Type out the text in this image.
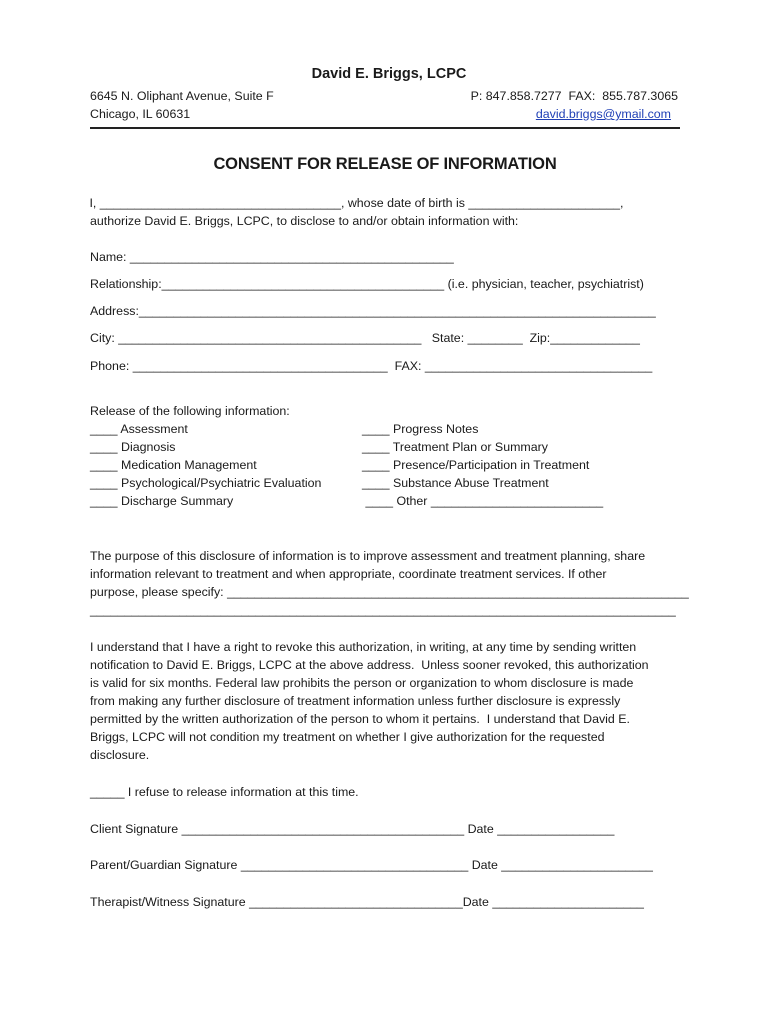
David E. Briggs, LCPC
6645 N. Oliphant Avenue, Suite F
Chicago, IL 60631
P: 847.858.7277  FAX:  855.787.3065
david.briggs@ymail.com
CONSENT FOR RELEASE OF INFORMATION
I, ___________________________________, whose date of birth is ______________________,
authorize David E. Briggs, LCPC, to disclose to and/or obtain information with:
Name: _______________________________________________
Relationship:_________________________________________ (i.e. physician, teacher, psychiatrist)
Address:___________________________________________________________________________
City: ____________________________________________   State: ________  Zip:_____________
Phone: _____________________________________  FAX: _________________________________
Release of the following information:
____ Assessment
____ Diagnosis
____ Medication Management
____ Psychological/Psychiatric Evaluation
____ Discharge Summary
____ Progress Notes
____ Treatment Plan or Summary
____ Presence/Participation in Treatment
____ Substance Abuse Treatment
____ Other _________________________
The purpose of this disclosure of information is to improve assessment and treatment planning, share
information relevant to treatment and when appropriate, coordinate treatment services. If other
purpose, please specify: ___________________________________________________________________
_____________________________________________________________________________________
I understand that I have a right to revoke this authorization, in writing, at any time by sending written
notification to David E. Briggs, LCPC at the above address.  Unless sooner revoked, this authorization
is valid for six months. Federal law prohibits the person or organization to whom disclosure is made
from making any further disclosure of treatment information unless further disclosure is expressly
permitted by the written authorization of the person to whom it pertains.  I understand that David E.
Briggs, LCPC will not condition my treatment on whether I give authorization for the requested
disclosure.
_____ I refuse to release information at this time.
Client Signature _________________________________________ Date _________________
Parent/Guardian Signature _________________________________ Date ______________________
Therapist/Witness Signature _______________________________Date ______________________
